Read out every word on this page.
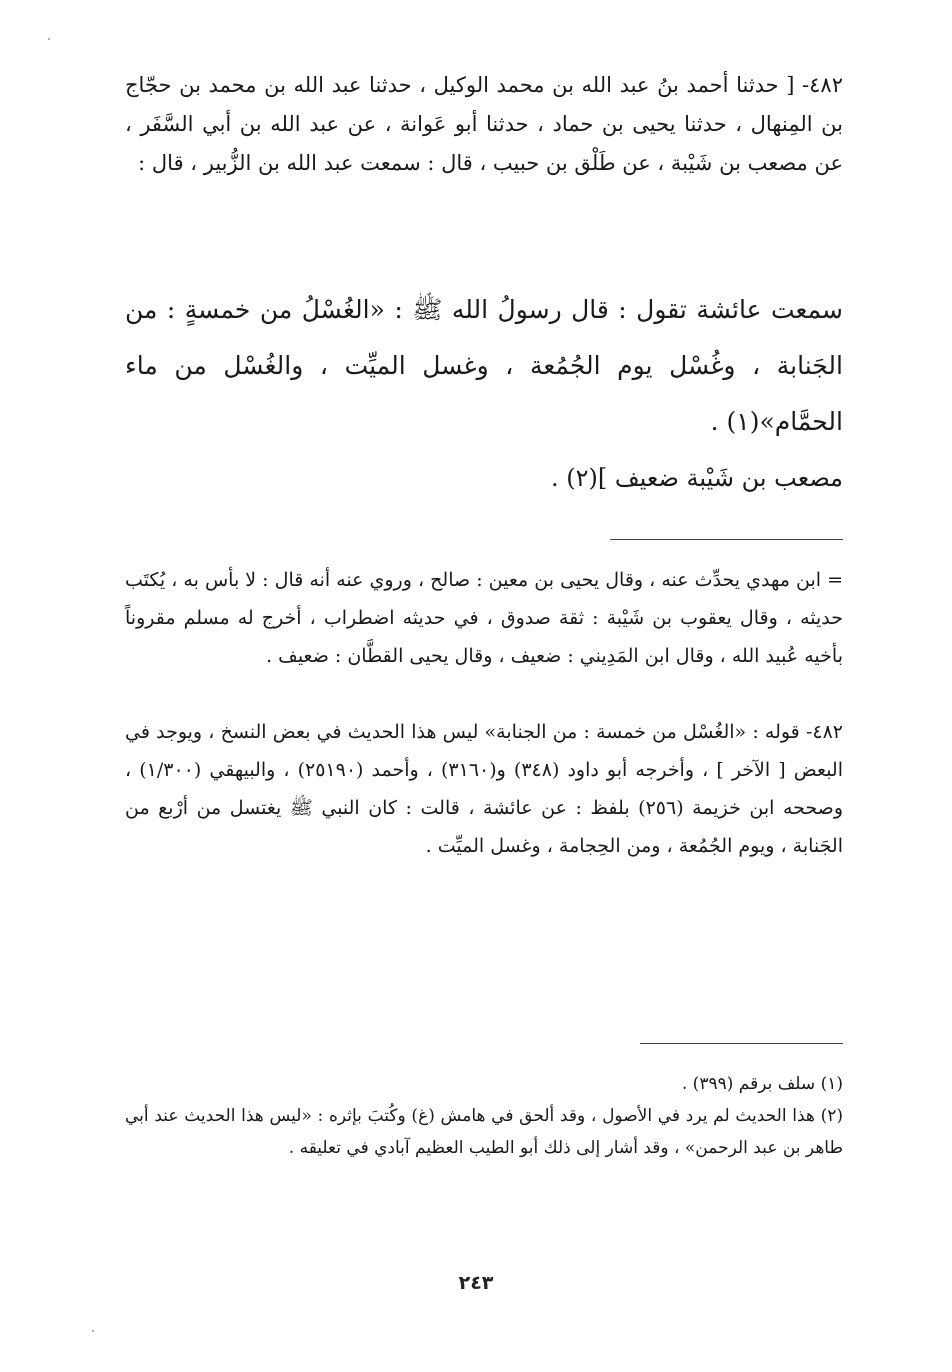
٤٨٢- [ حدثنا أحمد بنُ عبد الله بن محمد الوكيل ، حدثنا عبد الله بن محمد بن حجّاج بن المِنهال ، حدثنا يحيى بن حماد ، حدثنا أبو عَوانة ، عن عبد الله بن أبي السَّفَر ، عن مصعب بن شَيْبة ، عن طَلْق بن حبيب ، قال : سمعت عبد الله بن الزُّبير ، قال :

سمعت عائشة تقول : قال رسولُ الله ﷺ : «الغُسْلُ من خمسةٍ : من الجَنابة ، وغُسْل يوم الجُمُعة ، وغسل الميِّت ، والغُسْل من ماء الحمَّام»(١) .

مصعب بن شَيْبة ضعيف ](٢) .

= ابن مهدي يحدِّث عنه ، وقال يحيى بن معين : صالح ، وروي عنه أنه قال : لا بأس به ، يُكتَب حديثه ، وقال يعقوب بن شَيْبة : ثقة صدوق ، في حديثه اضطراب ، أخرج له مسلم مقروناً بأخيه عُبيد الله ، وقال ابن المَدِيني : ضعيف ، وقال يحيى القطَّان : ضعيف .

٤٨٢- قوله : «الغُسْل من خمسة : من الجنابة» ليس هذا الحديث في بعض النسخ ، ويوجد في البعض [ الآخر ] ، وأخرجه أبو داود (٣٤٨) و(٣١٦٠) ، وأحمد (٢٥١٩٠) ، والبيهقي (١/٣٠٠) ، وصححه ابن خزيمة (٢٥٦) بلفظ : عن عائشة ، قالت : كان النبي ﷺ يغتسل من أرْبع من الجَنابة ، ويوم الجُمُعة ، ومن الحِجامة ، وغسل الميِّت .

(١) سلف برقم (٣٩٩) .
(٢) هذا الحديث لم يرد في الأصول ، وقد ألحق في هامش (غ) وكُتبَ بإثره : «ليس هذا الحديث عند أبي طاهر بن عبد الرحمن» ، وقد أشار إلى ذلك أبو الطيب العظيم آبادي في تعليقه .

٢٤٣
